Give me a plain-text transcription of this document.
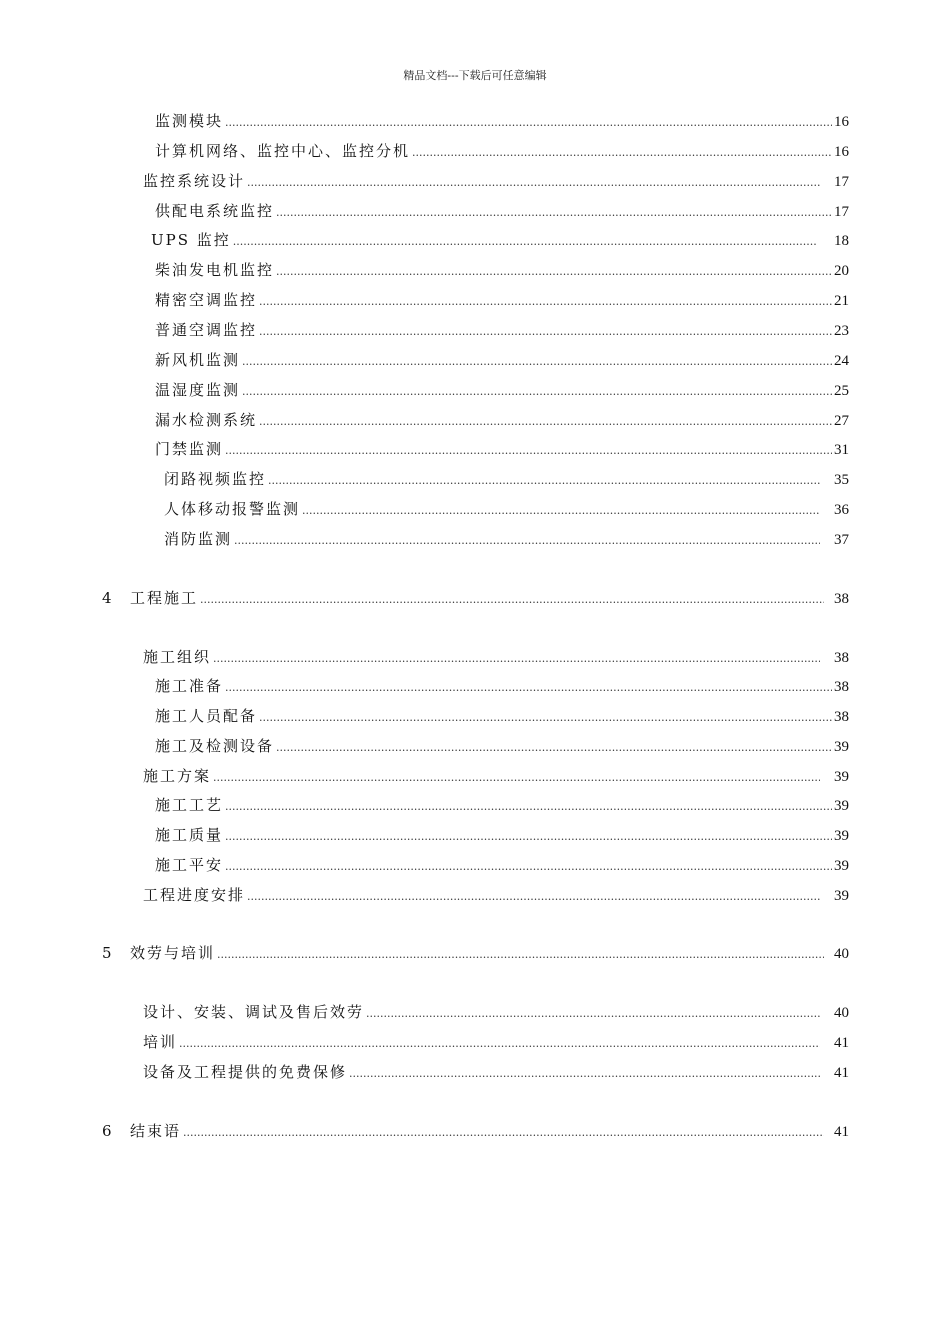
精品文档---下载后可任意编辑
监测模块 .....	16
计算机网络、监控中心、监控分机 .....	16
监控系统设计 .....	17
供配电系统监控 .....	17
UPS 监控 .....	18
柴油发电机监控 .....	20
精密空调监控 .....	21
普通空调监控 .....	23
新风机监测 .....	24
温湿度监测 .....	25
漏水检测系统 .....	27
门禁监测 .....	31
闭路视频监控 .....	35
人体移动报警监测 .....	36
消防监测 .....	37
4	工程施工 .....	38
施工组织 .....	38
施工准备 .....	38
施工人员配备 .....	38
施工及检测设备 .....	39
施工方案 .....	39
施工工艺 .....	39
施工质量 .....	39
施工平安 .....	39
工程进度安排 .....	39
5	效劳与培训 .....	40
设计、安装、调试及售后效劳 .....	40
培训 .....	41
设备及工程提供的免费保修 .....	41
6	结束语 .....	41
